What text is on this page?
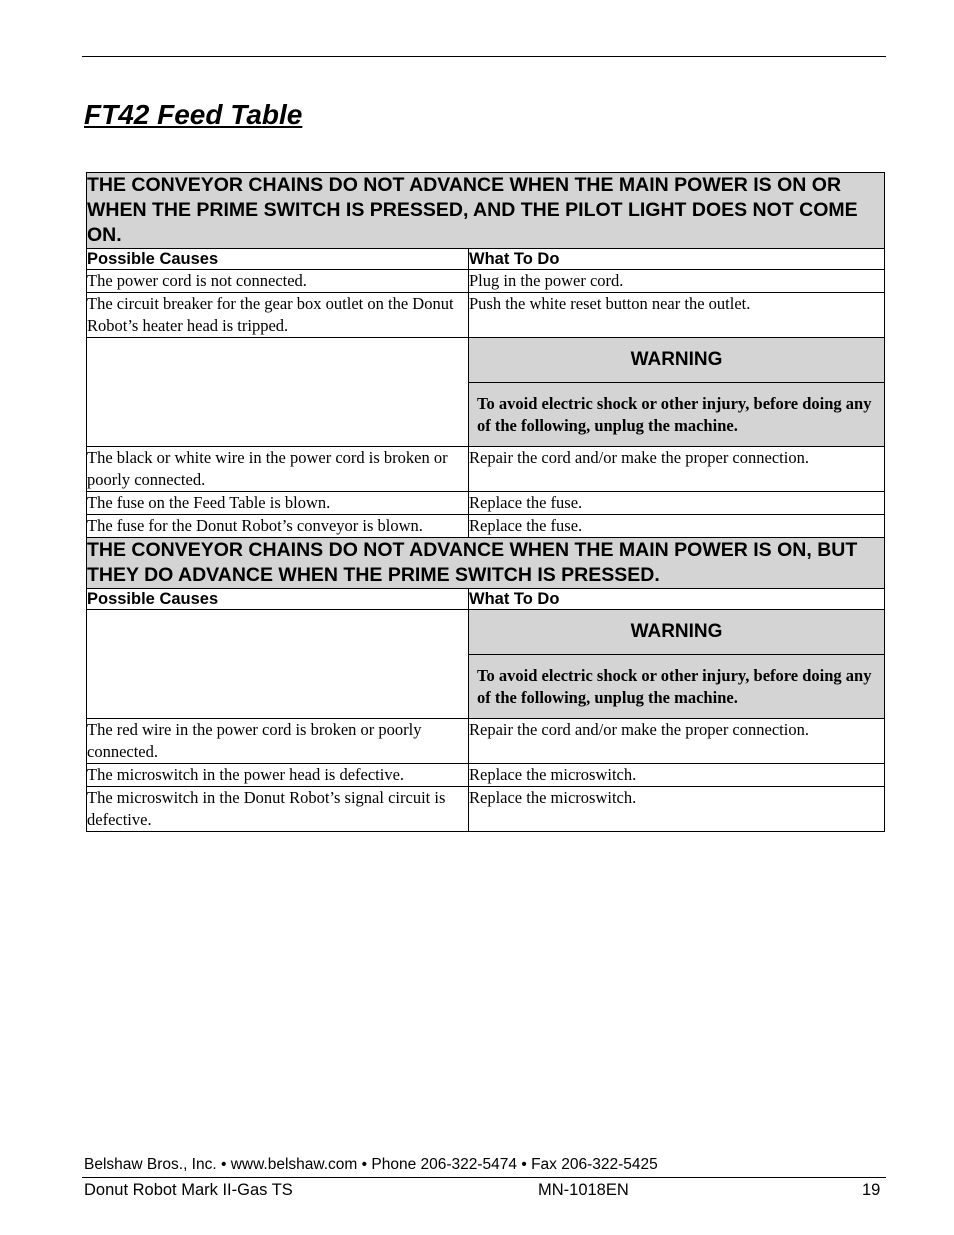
FT42 Feed Table
THE CONVEYOR CHAINS DO NOT ADVANCE WHEN THE MAIN POWER IS ON OR WHEN THE PRIME SWITCH IS PRESSED, AND THE PILOT LIGHT DOES NOT COME ON.	
Possible Causes	What To Do
The power cord is not connected.	Plug in the power cord.
The circuit breaker for the gear box outlet on the Donut Robot’s heater head is tripped.	Push the white reset button near the outlet.

	WARNING
To avoid electric shock or other injury, before doing any of the following, unplug the machine.

The black or white wire in the power cord is broken or poorly connected.	Repair the cord and/or make the proper connection.
The fuse on the Feed Table is blown.	Replace the fuse.
The fuse for the Donut Robot’s conveyor is blown.	Replace the fuse.
THE CONVEYOR CHAINS DO NOT ADVANCE WHEN THE MAIN POWER IS ON, BUT THEY DO ADVANCE WHEN THE PRIME SWITCH IS PRESSED.	
Possible Causes	What To Do

	WARNING
To avoid electric shock or other injury, before doing any of the following, unplug the machine.

The red wire in the power cord is broken or poorly connected.	Repair the cord and/or make the proper connection.
The microswitch in the power head is defective.	Replace the microswitch.
The microswitch in the Donut Robot’s signal circuit is defective.	Replace the microswitch.
Belshaw Bros., Inc. • www.belshaw.com • Phone 206-322-5474 • Fax 206-322-5425
Donut Robot Mark II-Gas TS	MN-1018EN	19
